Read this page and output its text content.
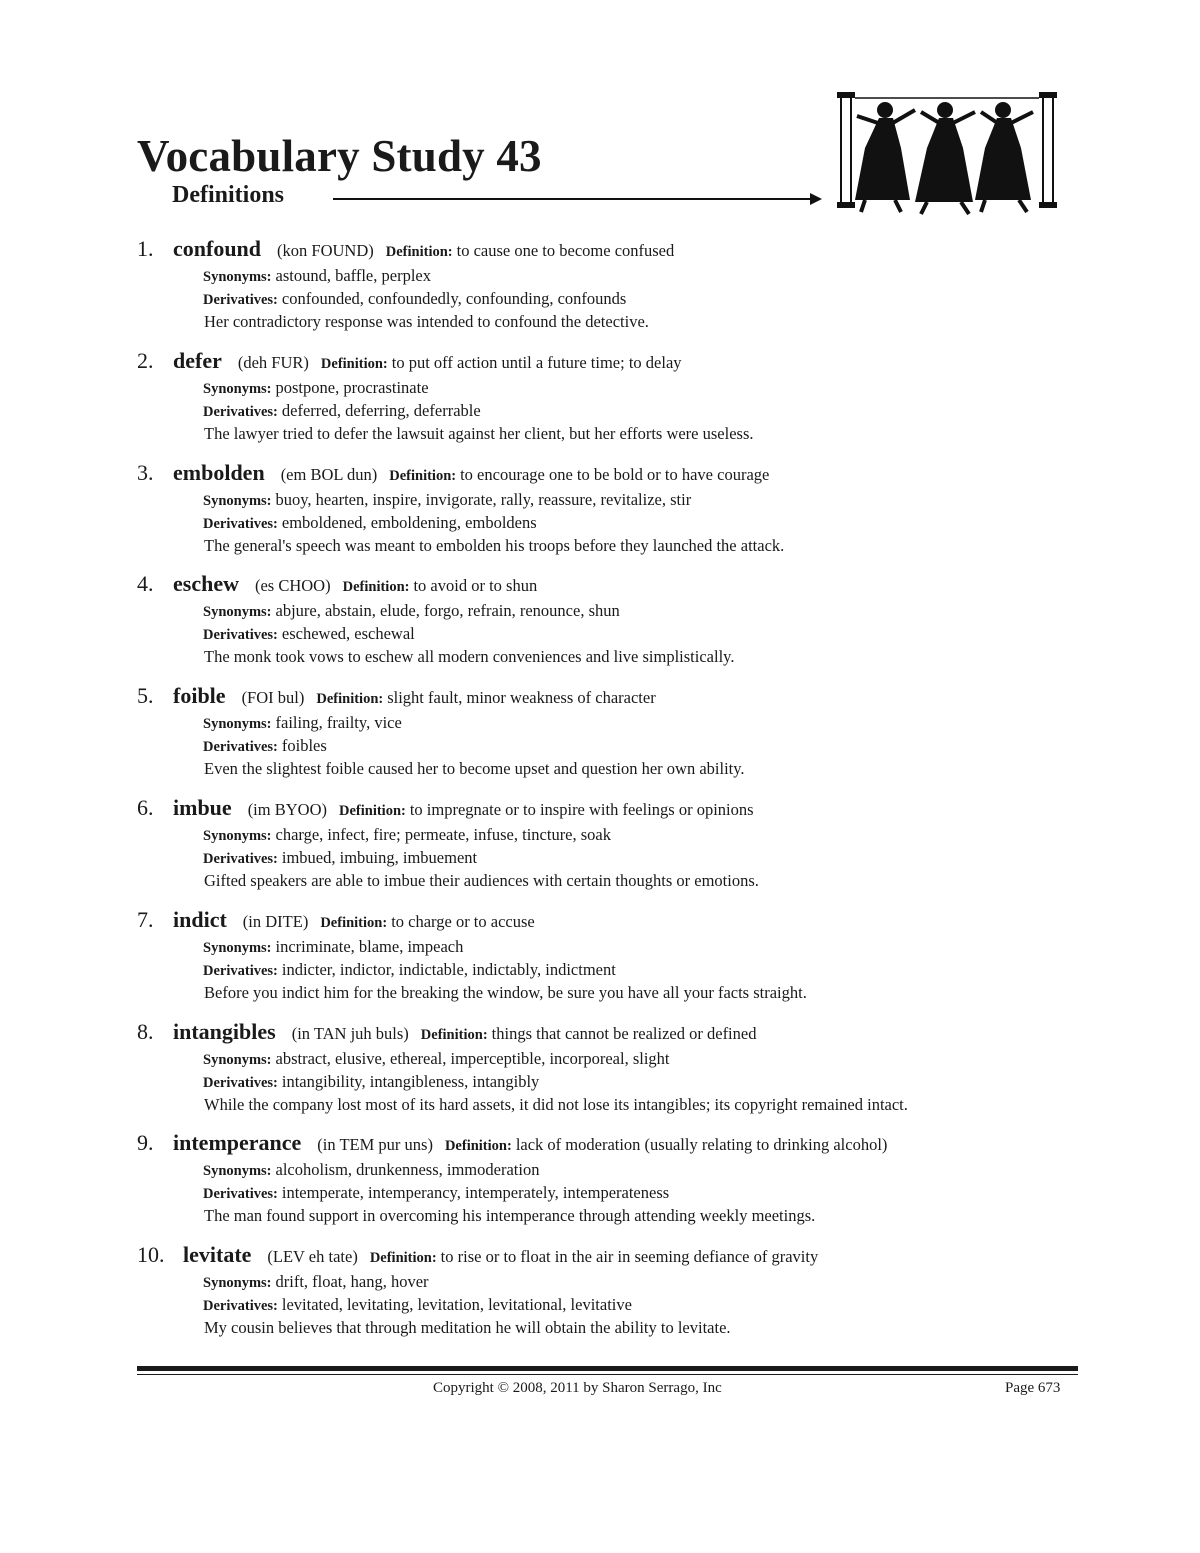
Vocabulary Study 43
Definitions
1. confound (kon FOUND) Definition: to cause one to become confused
Synonyms: astound, baffle, perplex
Derivatives: confounded, confoundedly, confounding, confounds
Her contradictory response was intended to confound the detective.
2. defer (deh FUR) Definition: to put off action until a future time; to delay
Synonyms: postpone, procrastinate
Derivatives: deferred, deferring, deferrable
The lawyer tried to defer the lawsuit against her client, but her efforts were useless.
3. embolden (em BOL dun) Definition: to encourage one to be bold or to have courage
Synonyms: buoy, hearten, inspire, invigorate, rally, reassure, revitalize, stir
Derivatives: emboldened, emboldening, emboldens
The general's speech was meant to embolden his troops before they launched the attack.
4. eschew (es CHOO) Definition: to avoid or to shun
Synonyms: abjure, abstain, elude, forgo, refrain, renounce, shun
Derivatives: eschewed, eschewal
The monk took vows to eschew all modern conveniences and live simplistically.
5. foible (FOI bul) Definition: slight fault, minor weakness of character
Synonyms: failing, frailty, vice
Derivatives: foibles
Even the slightest foible caused her to become upset and question her own ability.
6. imbue (im BYOO) Definition: to impregnate or to inspire with feelings or opinions
Synonyms: charge, infect, fire; permeate, infuse, tincture, soak
Derivatives: imbued, imbuing, imbuement
Gifted speakers are able to imbue their audiences with certain thoughts or emotions.
7. indict (in DITE) Definition: to charge or to accuse
Synonyms: incriminate, blame, impeach
Derivatives: indicter, indictor, indictable, indictably, indictment
Before you indict him for the breaking the window, be sure you have all your facts straight.
8. intangibles (in TAN juh buls) Definition: things that cannot be realized or defined
Synonyms: abstract, elusive, ethereal, imperceptible, incorporeal, slight
Derivatives: intangibility, intangibleness, intangibly
While the company lost most of its hard assets, it did not lose its intangibles; its copyright remained intact.
9. intemperance (in TEM pur uns) Definition: lack of moderation (usually relating to drinking alcohol)
Synonyms: alcoholism, drunkenness, immoderation
Derivatives: intemperate, intemperancy, intemperately, intemperateness
The man found support in overcoming his intemperance through attending weekly meetings.
10. levitate (LEV eh tate) Definition: to rise or to float in the air in seeming defiance of gravity
Synonyms: drift, float, hang, hover
Derivatives: levitated, levitating, levitation, levitational, levitative
My cousin believes that through meditation he will obtain the ability to levitate.
Copyright © 2008, 2011 by Sharon Serrago, Inc	Page 673
